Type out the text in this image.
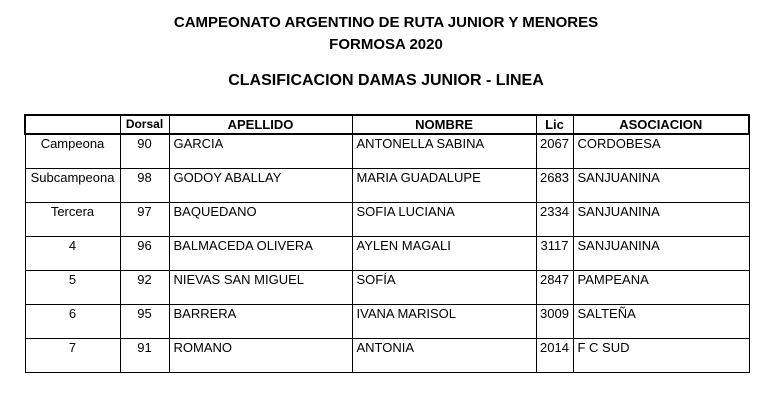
CAMPEONATO ARGENTINO DE RUTA JUNIOR Y MENORES
FORMOSA 2020
CLASIFICACION DAMAS JUNIOR - LINEA
	Dorsal	APELLIDO	NOMBRE	Lic	ASOCIACION
Campeona	90	GARCIA	ANTONELLA SABINA	2067	CORDOBESA
Subcampeona	98	GODOY ABALLAY	MARIA GUADALUPE	2683	SANJUANINA
Tercera	97	BAQUEDANO	SOFIA LUCIANA	2334	SANJUANINA
4	96	BALMACEDA OLIVERA	AYLEN MAGALI	3117	SANJUANINA
5	92	NIEVAS SAN MIGUEL	SOFÍA	2847	PAMPEANA
6	95	BARRERA	IVANA MARISOL	3009	SALTEÑA
7	91	ROMANO	ANTONIA	2014	F C SUD
